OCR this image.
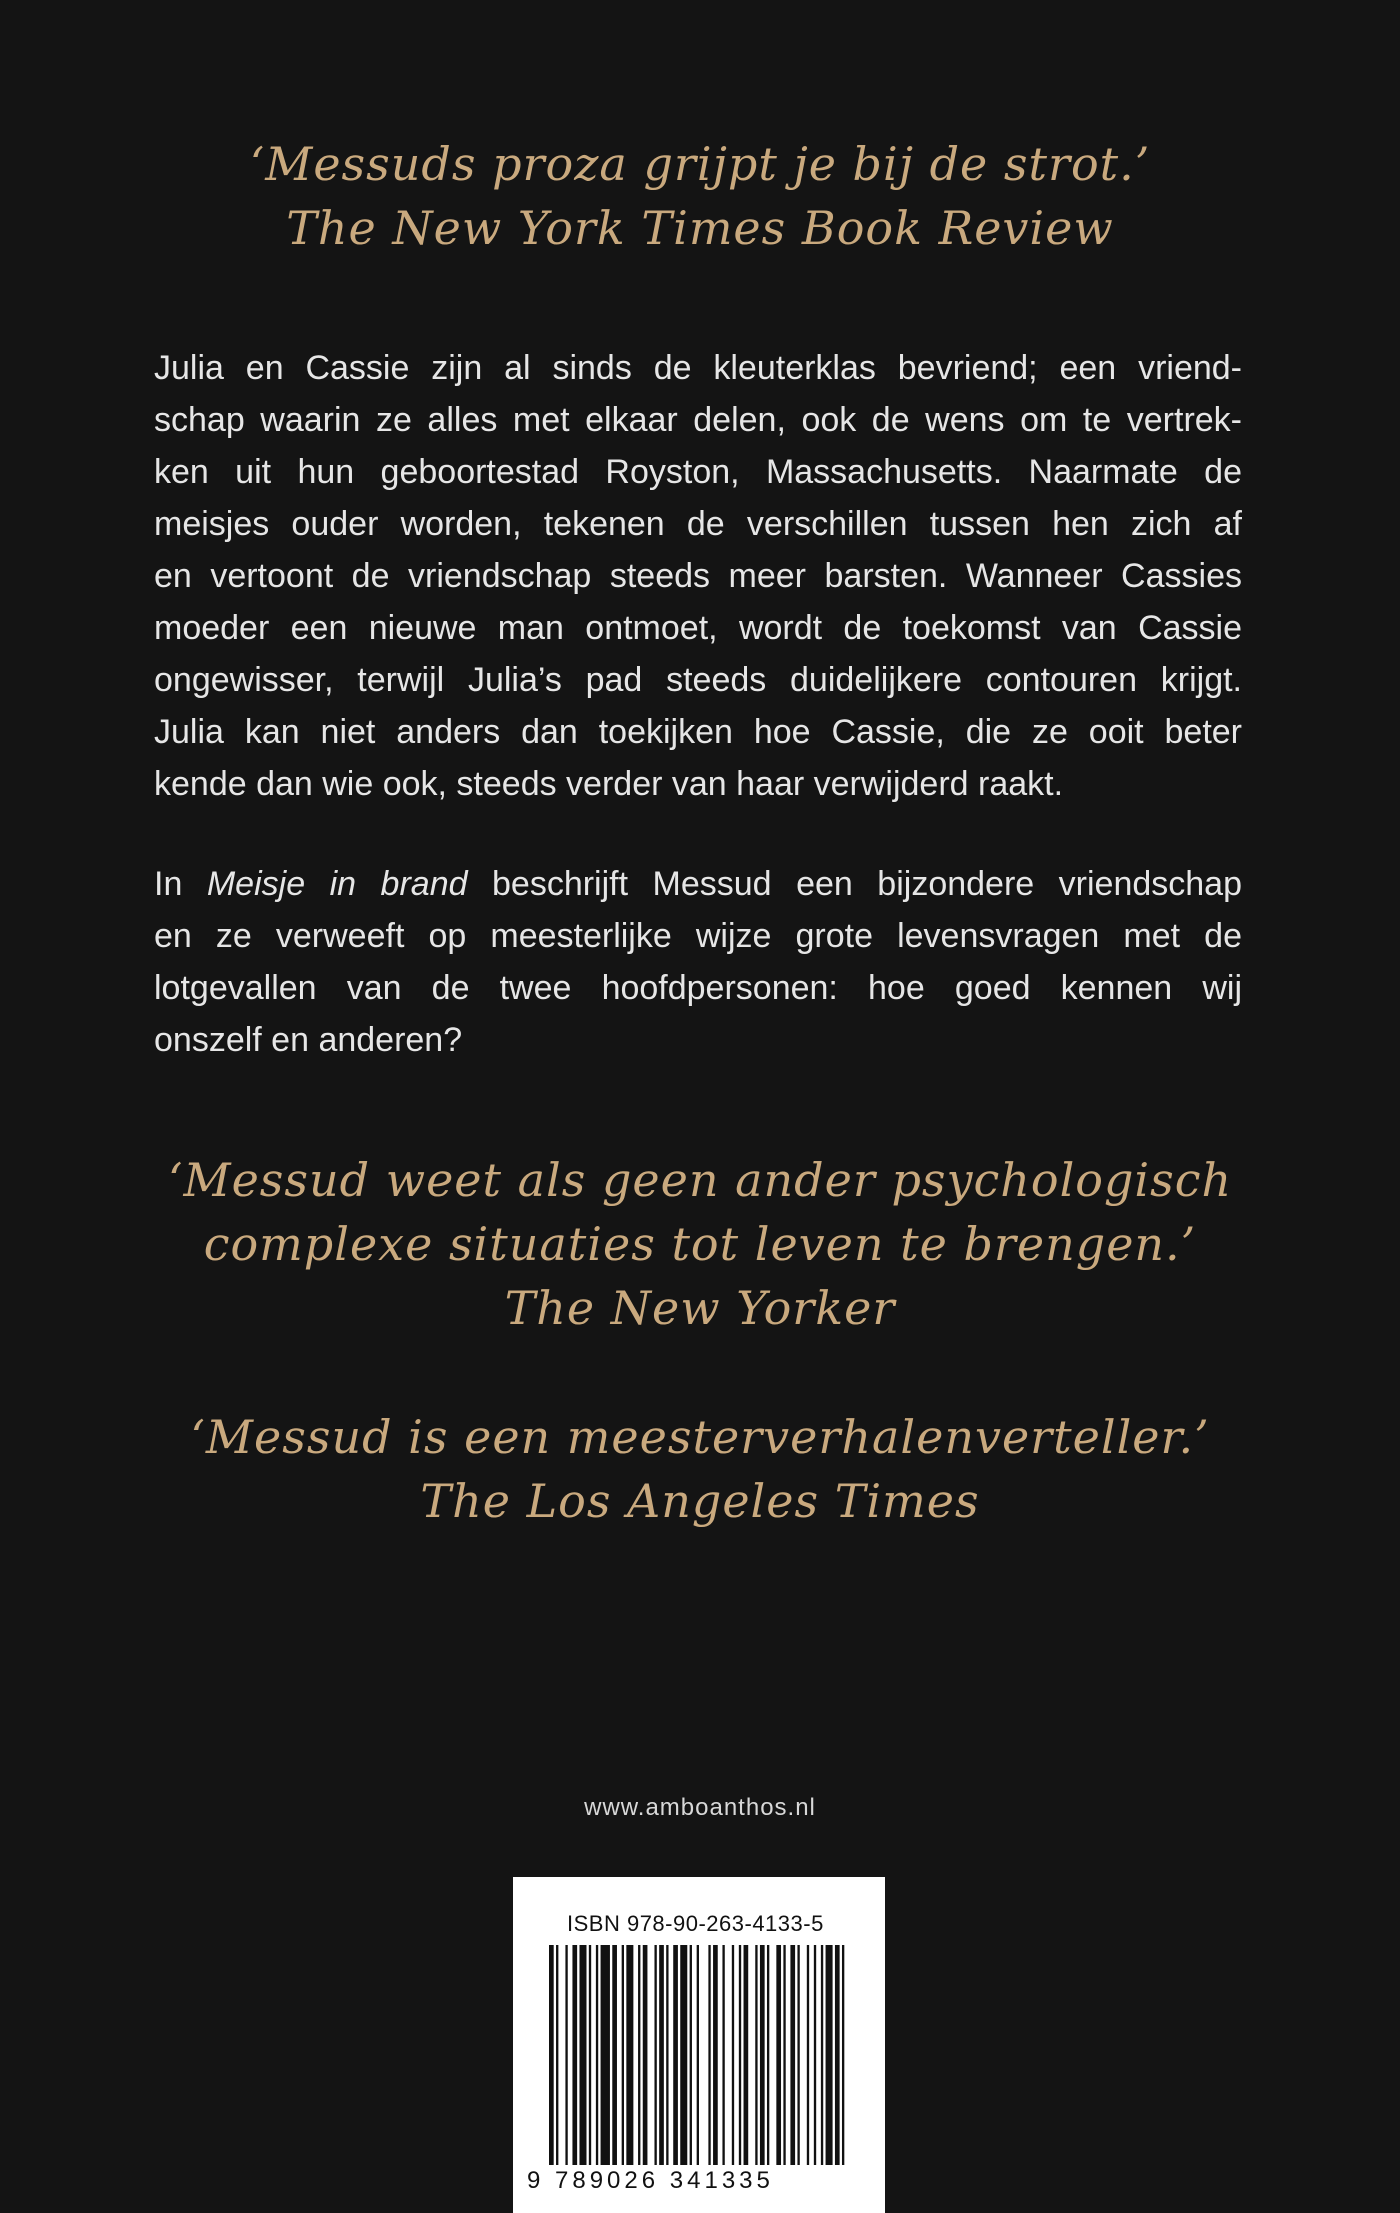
‘Messuds proza grijpt je bij de strot.’
The New York Times Book Review
Julia en Cassie zijn al sinds de kleuterklas bevriend; een vriend-
schap waarin ze alles met elkaar delen, ook de wens om te vertrek-
ken uit hun geboortestad Royston, Massachusetts. Naarmate de
meisjes ouder worden, tekenen de verschillen tussen hen zich af
en vertoont de vriendschap steeds meer barsten. Wanneer Cassies
moeder een nieuwe man ontmoet, wordt de toekomst van Cassie
ongewisser, terwijl Julia’s pad steeds duidelijkere contouren krijgt.
Julia kan niet anders dan toekijken hoe Cassie, die ze ooit beter
kende dan wie ook, steeds verder van haar verwijderd raakt.
In Meisje in brand beschrijft Messud een bijzondere vriendschap
en ze verweeft op meesterlijke wijze grote levensvragen met de
lotgevallen van de twee hoofdpersonen: hoe goed kennen wij
onszelf en anderen?
‘Messud weet als geen ander psychologisch
complexe situaties tot leven te brengen.’
The New Yorker
‘Messud is een meesterverhalenverteller.’
The Los Angeles Times
www.amboanthos.nl
ISBN 978-90-263-4133-5
9 789026 341335
